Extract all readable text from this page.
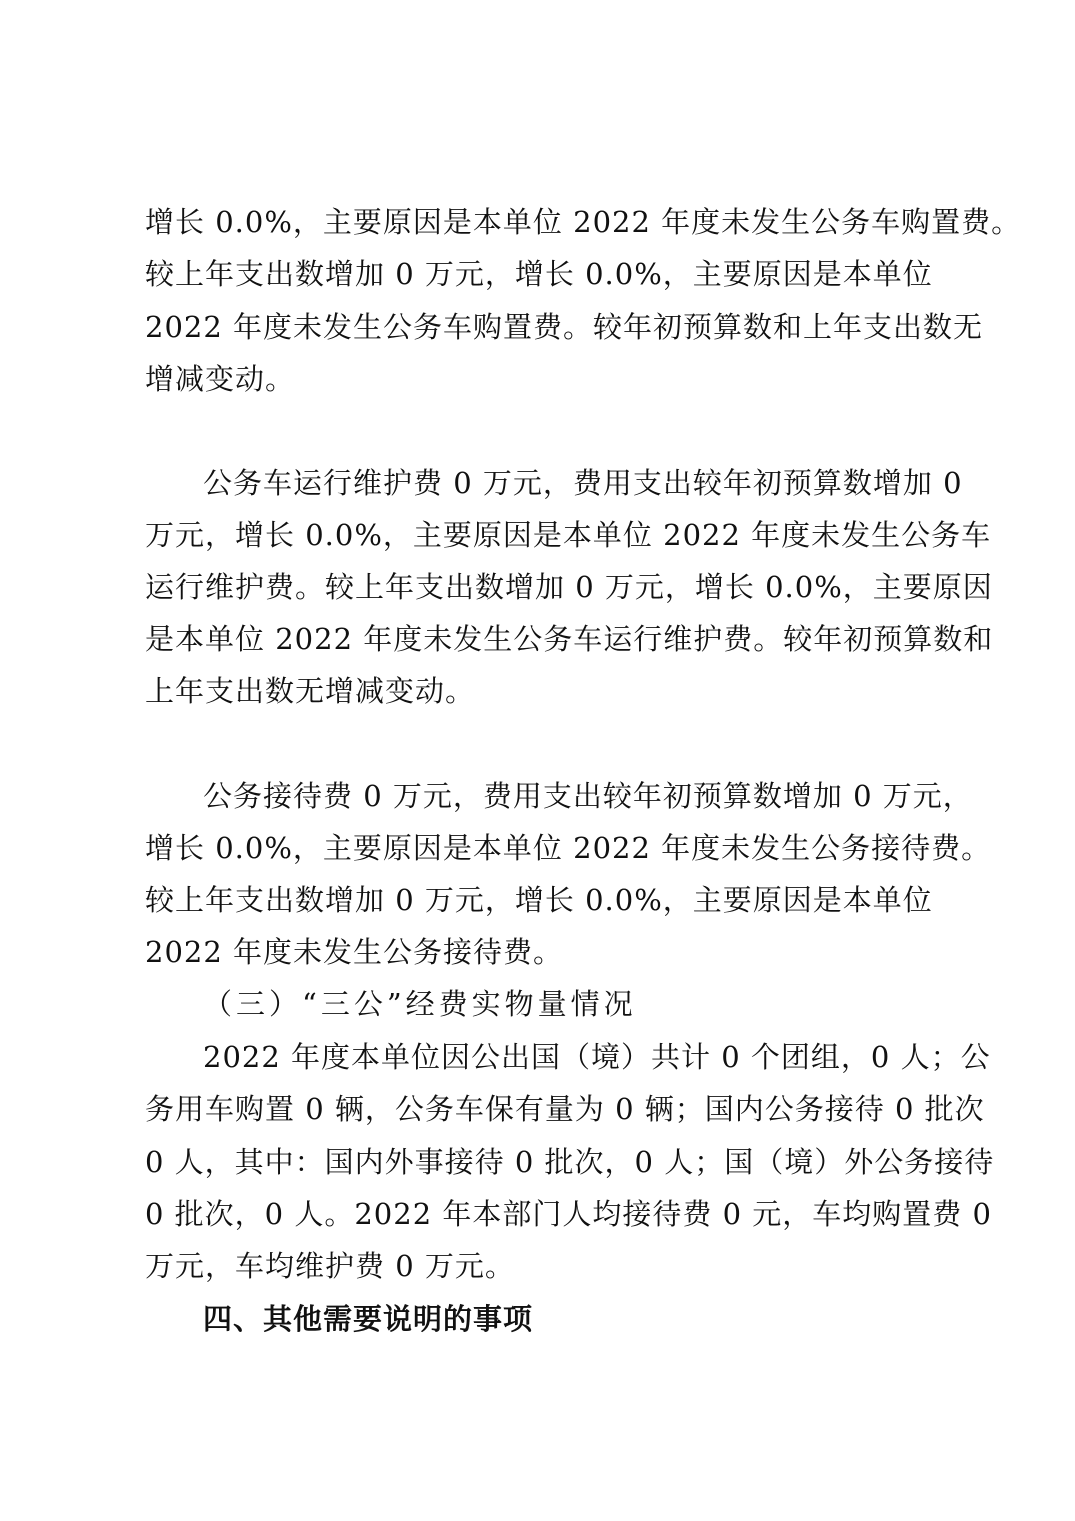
增长 0.0%，主要原因是本单位 2022 年度未发生公务车购置费。
较上年支出数增加 0 万元，增长 0.0%，主要原因是本单位
2022 年度未发生公务车购置费。较年初预算数和上年支出数无
增减变动。
公务车运行维护费 0 万元，费用支出较年初预算数增加 0
万元，增长 0.0%，主要原因是本单位 2022 年度未发生公务车
运行维护费。较上年支出数增加 0 万元，增长 0.0%，主要原因
是本单位 2022 年度未发生公务车运行维护费。较年初预算数和
上年支出数无增减变动。
公务接待费 0 万元，费用支出较年初预算数增加 0 万元，
增长 0.0%，主要原因是本单位 2022 年度未发生公务接待费。
较上年支出数增加 0 万元，增长 0.0%，主要原因是本单位
2022 年度未发生公务接待费。
（三）“三公”经费实物量情况
2022 年度本单位因公出国（境）共计 0 个团组，0 人；公
务用车购置 0 辆，公务车保有量为 0 辆；国内公务接待 0 批次
0 人，其中：国内外事接待 0 批次，0 人；国（境）外公务接待
0 批次，0 人。2022 年本部门人均接待费 0 元，车均购置费 0
万元，车均维护费 0 万元。
四、其他需要说明的事项
